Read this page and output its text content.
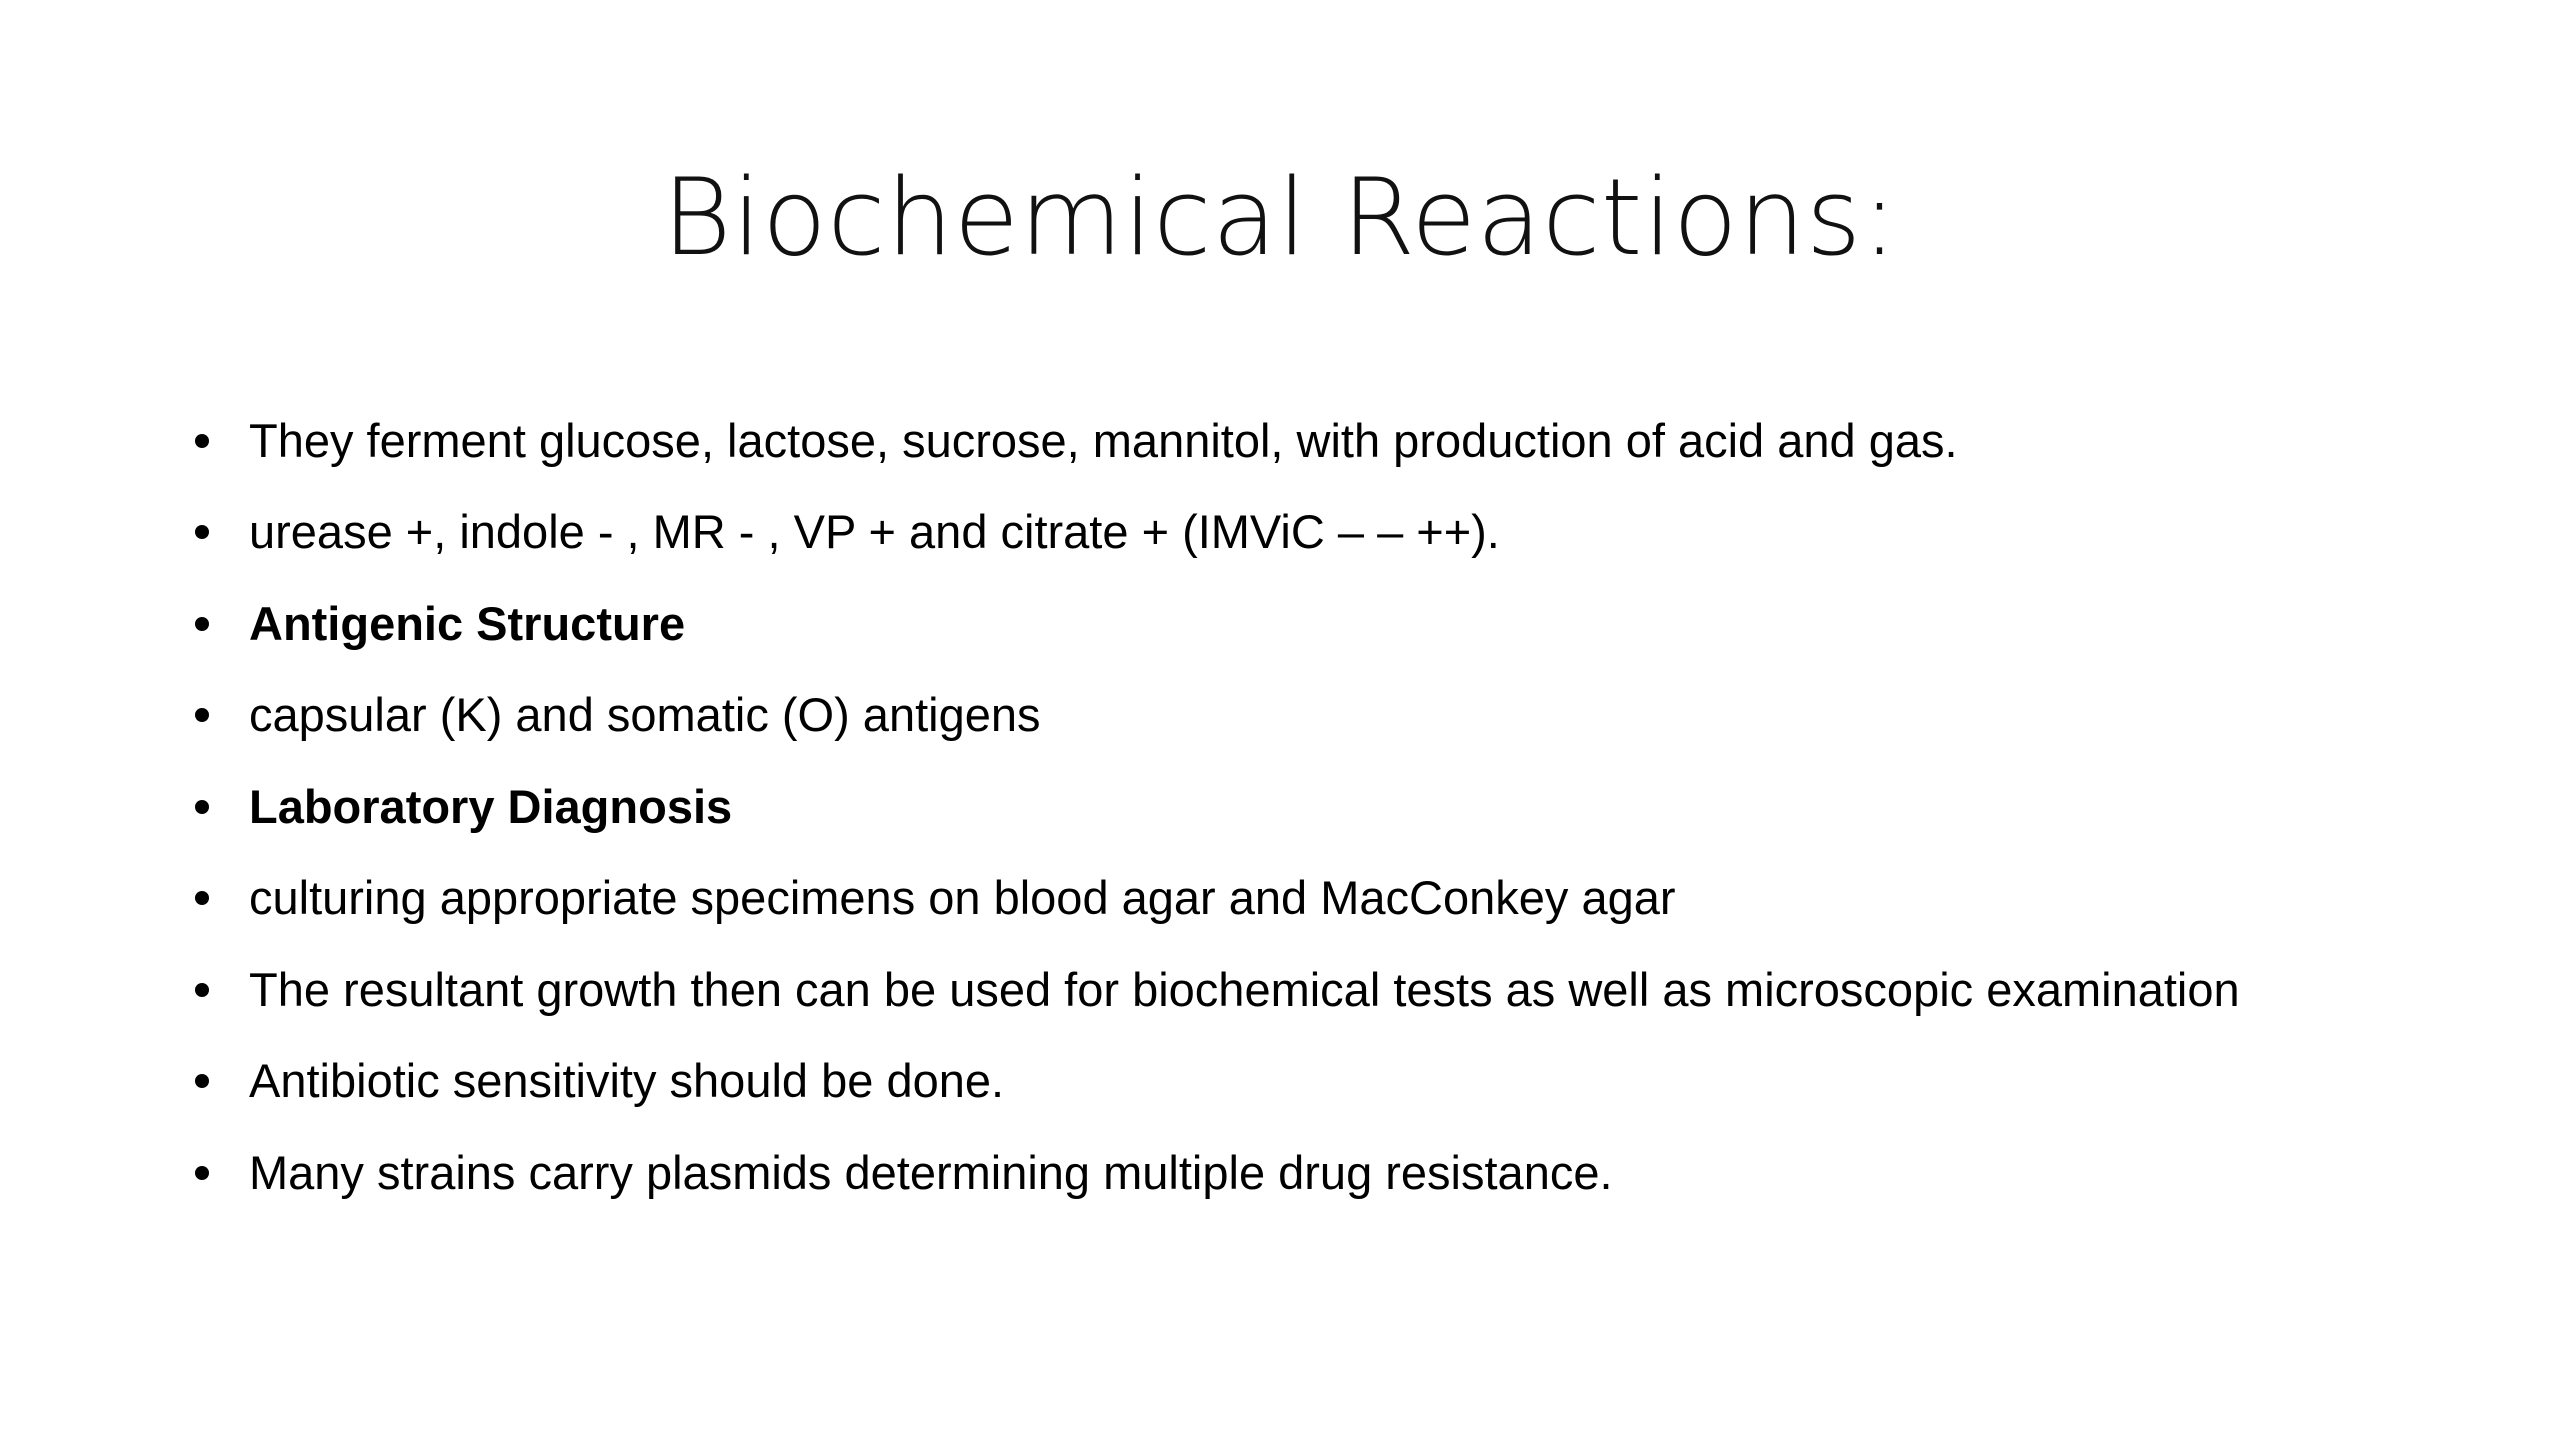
Biochemical Reactions:
They ferment glucose, lactose, sucrose, mannitol, with production of acid and gas.
urease +, indole - , MR - , VP + and citrate + (IMViC – – ++).
Antigenic Structure
capsular (K) and somatic (O) antigens
Laboratory Diagnosis
culturing appropriate specimens on blood agar and MacConkey agar
The resultant growth then can be used for biochemical tests as well as microscopic examination
Antibiotic sensitivity should be done.
Many strains carry plasmids determining multiple drug resistance.
